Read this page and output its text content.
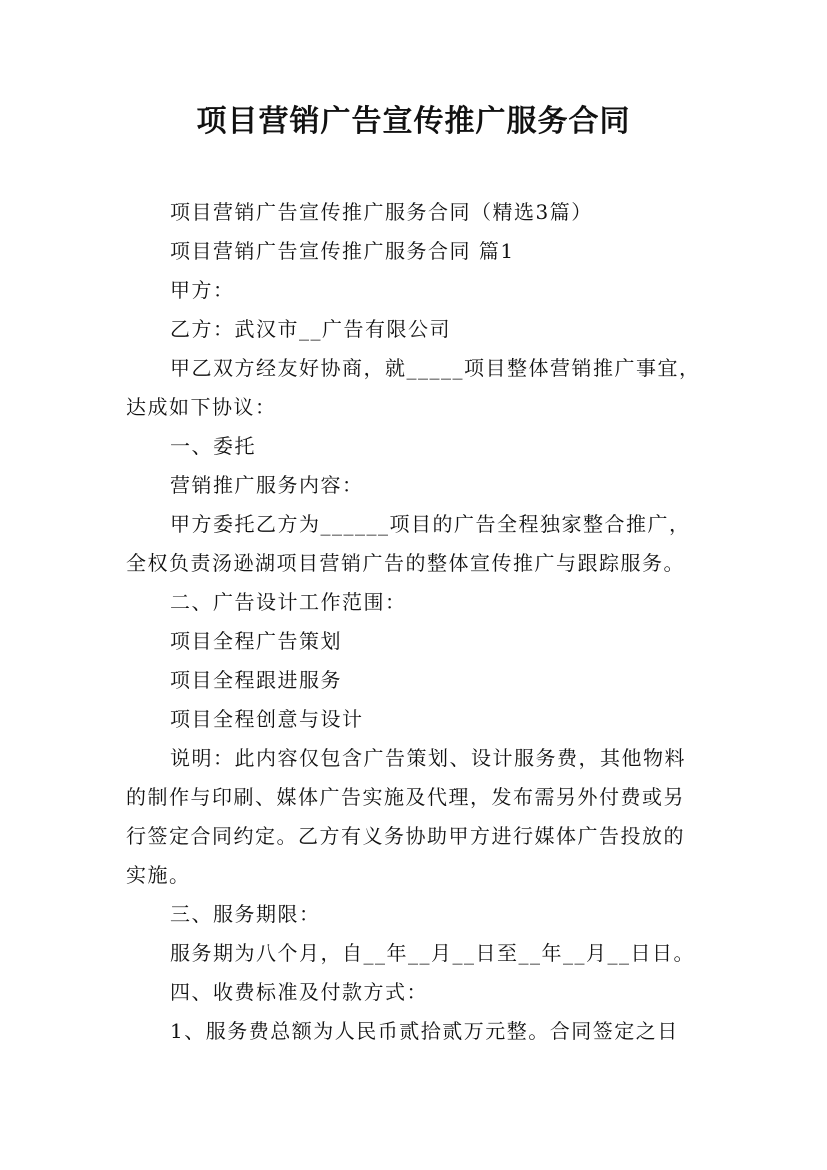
项目营销广告宣传推广服务合同
项目营销广告宣传推广服务合同（精选3篇）
项目营销广告宣传推广服务合同 篇1
甲方：
乙方：武汉市__广告有限公司
甲乙双方经友好协商，就_____项目整体营销推广事宜，
达成如下协议：
一、委托
营销推广服务内容：
甲方委托乙方为______项目的广告全程独家整合推广，
全权负责汤逊湖项目营销广告的整体宣传推广与跟踪服务。
二、广告设计工作范围：
项目全程广告策划
项目全程跟进服务
项目全程创意与设计
说明：此内容仅包含广告策划、设计服务费，其他物料
的制作与印刷、媒体广告实施及代理，发布需另外付费或另
行签定合同约定。乙方有义务协助甲方进行媒体广告投放的
实施。
三、服务期限：
服务期为八个月，自__年__月__日至__年__月__日日。
四、收费标准及付款方式：
1、服务费总额为人民币贰拾贰万元整。合同签定之日
